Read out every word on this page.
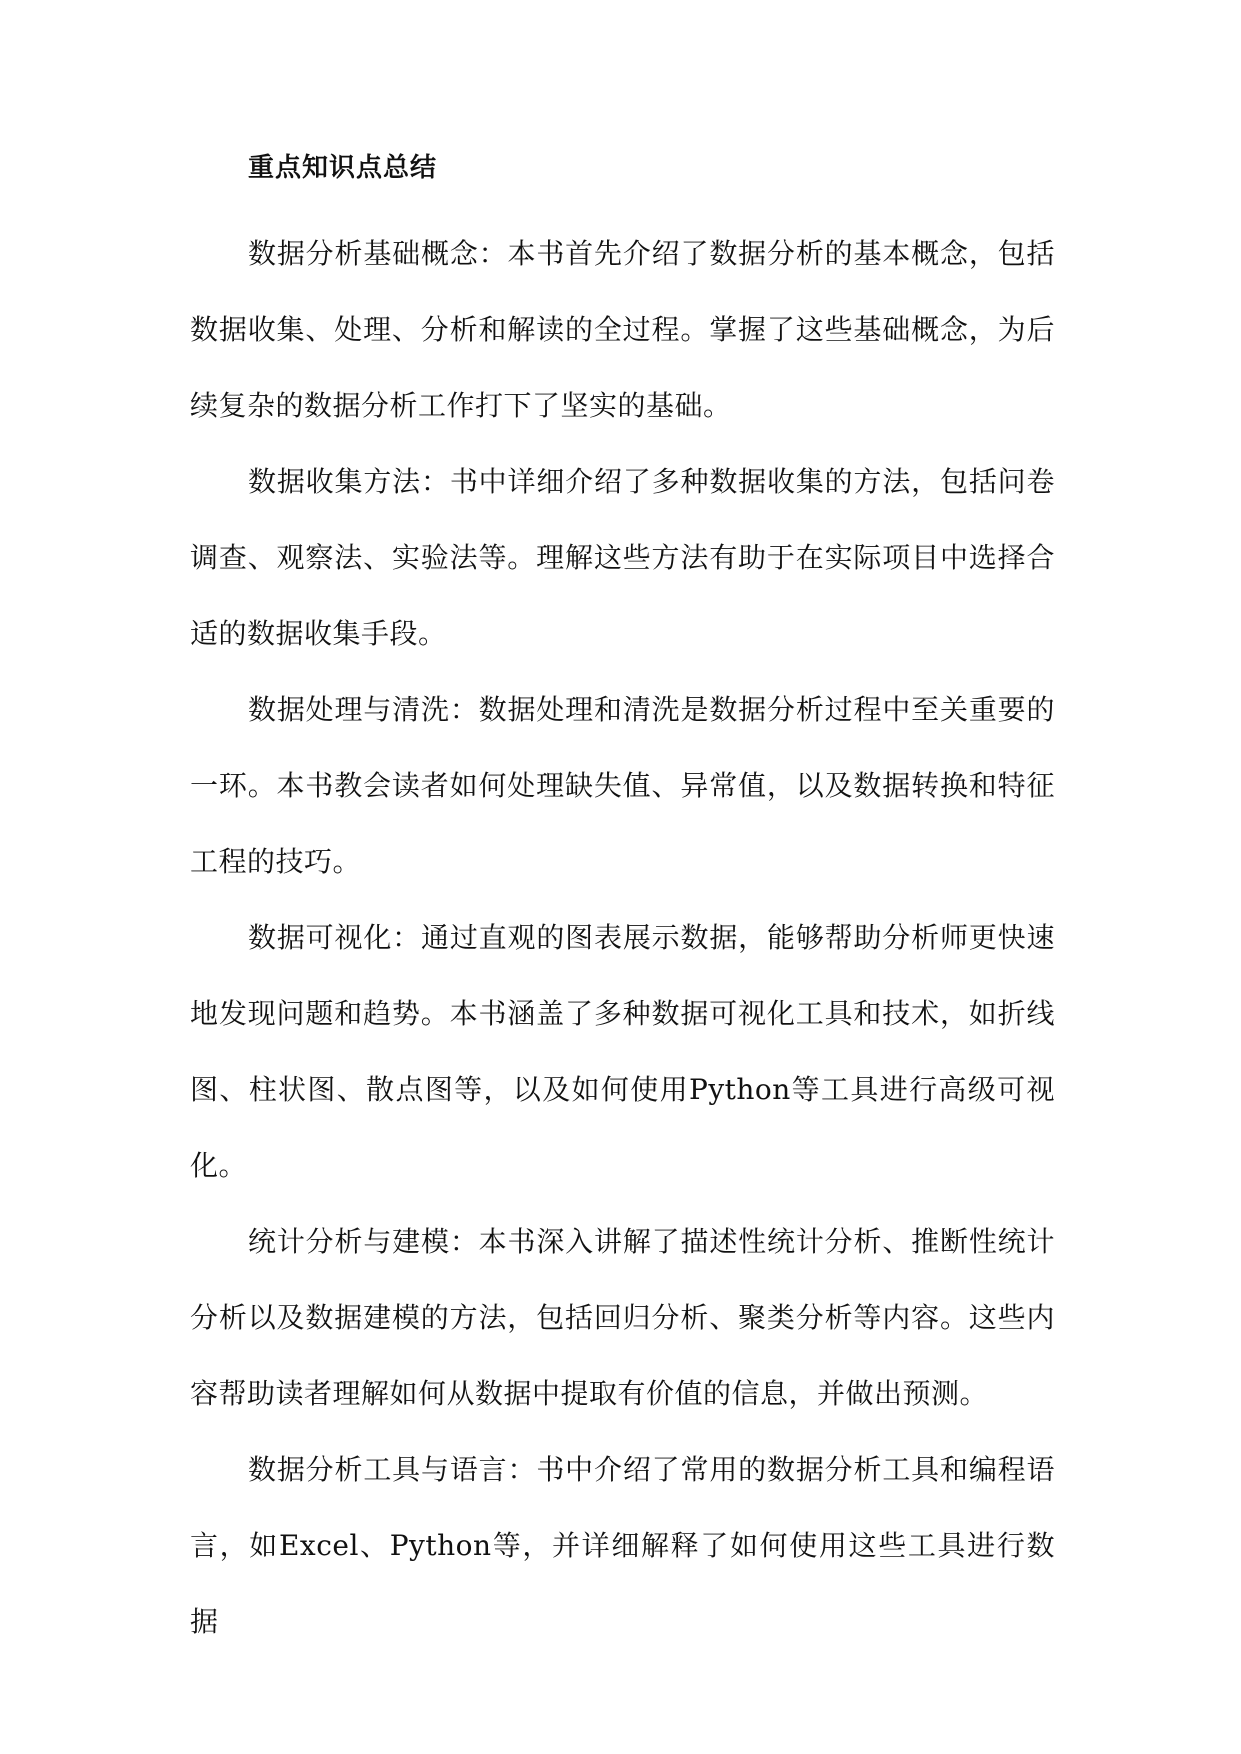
重点知识点总结

数据分析基础概念：本书首先介绍了数据分析的基本概念，包括数据收集、处理、分析和解读的全过程。掌握了这些基础概念，为后续复杂的数据分析工作打下了坚实的基础。

数据收集方法：书中详细介绍了多种数据收集的方法，包括问卷调查、观察法、实验法等。理解这些方法有助于在实际项目中选择合适的数据收集手段。

数据处理与清洗：数据处理和清洗是数据分析过程中至关重要的一环。本书教会读者如何处理缺失值、异常值，以及数据转换和特征工程的技巧。

数据可视化：通过直观的图表展示数据，能够帮助分析师更快速地发现问题和趋势。本书涵盖了多种数据可视化工具和技术，如折线图、柱状图、散点图等，以及如何使用Python等工具进行高级可视化。

统计分析与建模：本书深入讲解了描述性统计分析、推断性统计分析以及数据建模的方法，包括回归分析、聚类分析等内容。这些内容帮助读者理解如何从数据中提取有价值的信息，并做出预测。

数据分析工具与语言：书中介绍了常用的数据分析工具和编程语言，如Excel、Python等，并详细解释了如何使用这些工具进行数据
